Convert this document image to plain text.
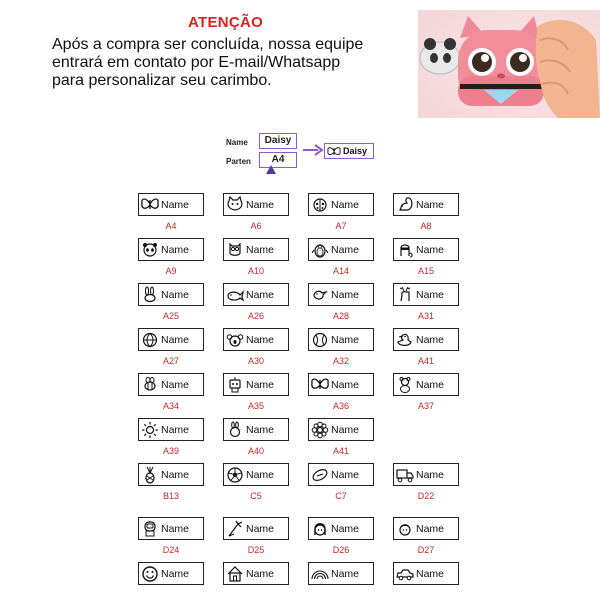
ATENÇÃO
Após a compra ser concluída, nossa equipe
entrará em contato por E-mail/Whatsapp
para personalizar seu carimbo.
Name	Daisy
Parten	A4
Daisy
Name
A4
Name
A6
Name
A7
Name
A8
Name
A9
Name
A10
Name
A14
Name
A15
Name
A25
Name
A26
Name
A28
Name
A31
Name
A27
Name
A30
Name
A32
Name
A41
Name
A34
Name
A35
Name
A36
Name
A37
Name
A39
Name
A40
Name
A41
Name
B13
Name
C5
Name
C7
Name
D22
Name
D24
Name
D25
Name
D26
Name
D27
Name	Name	Name	Name
